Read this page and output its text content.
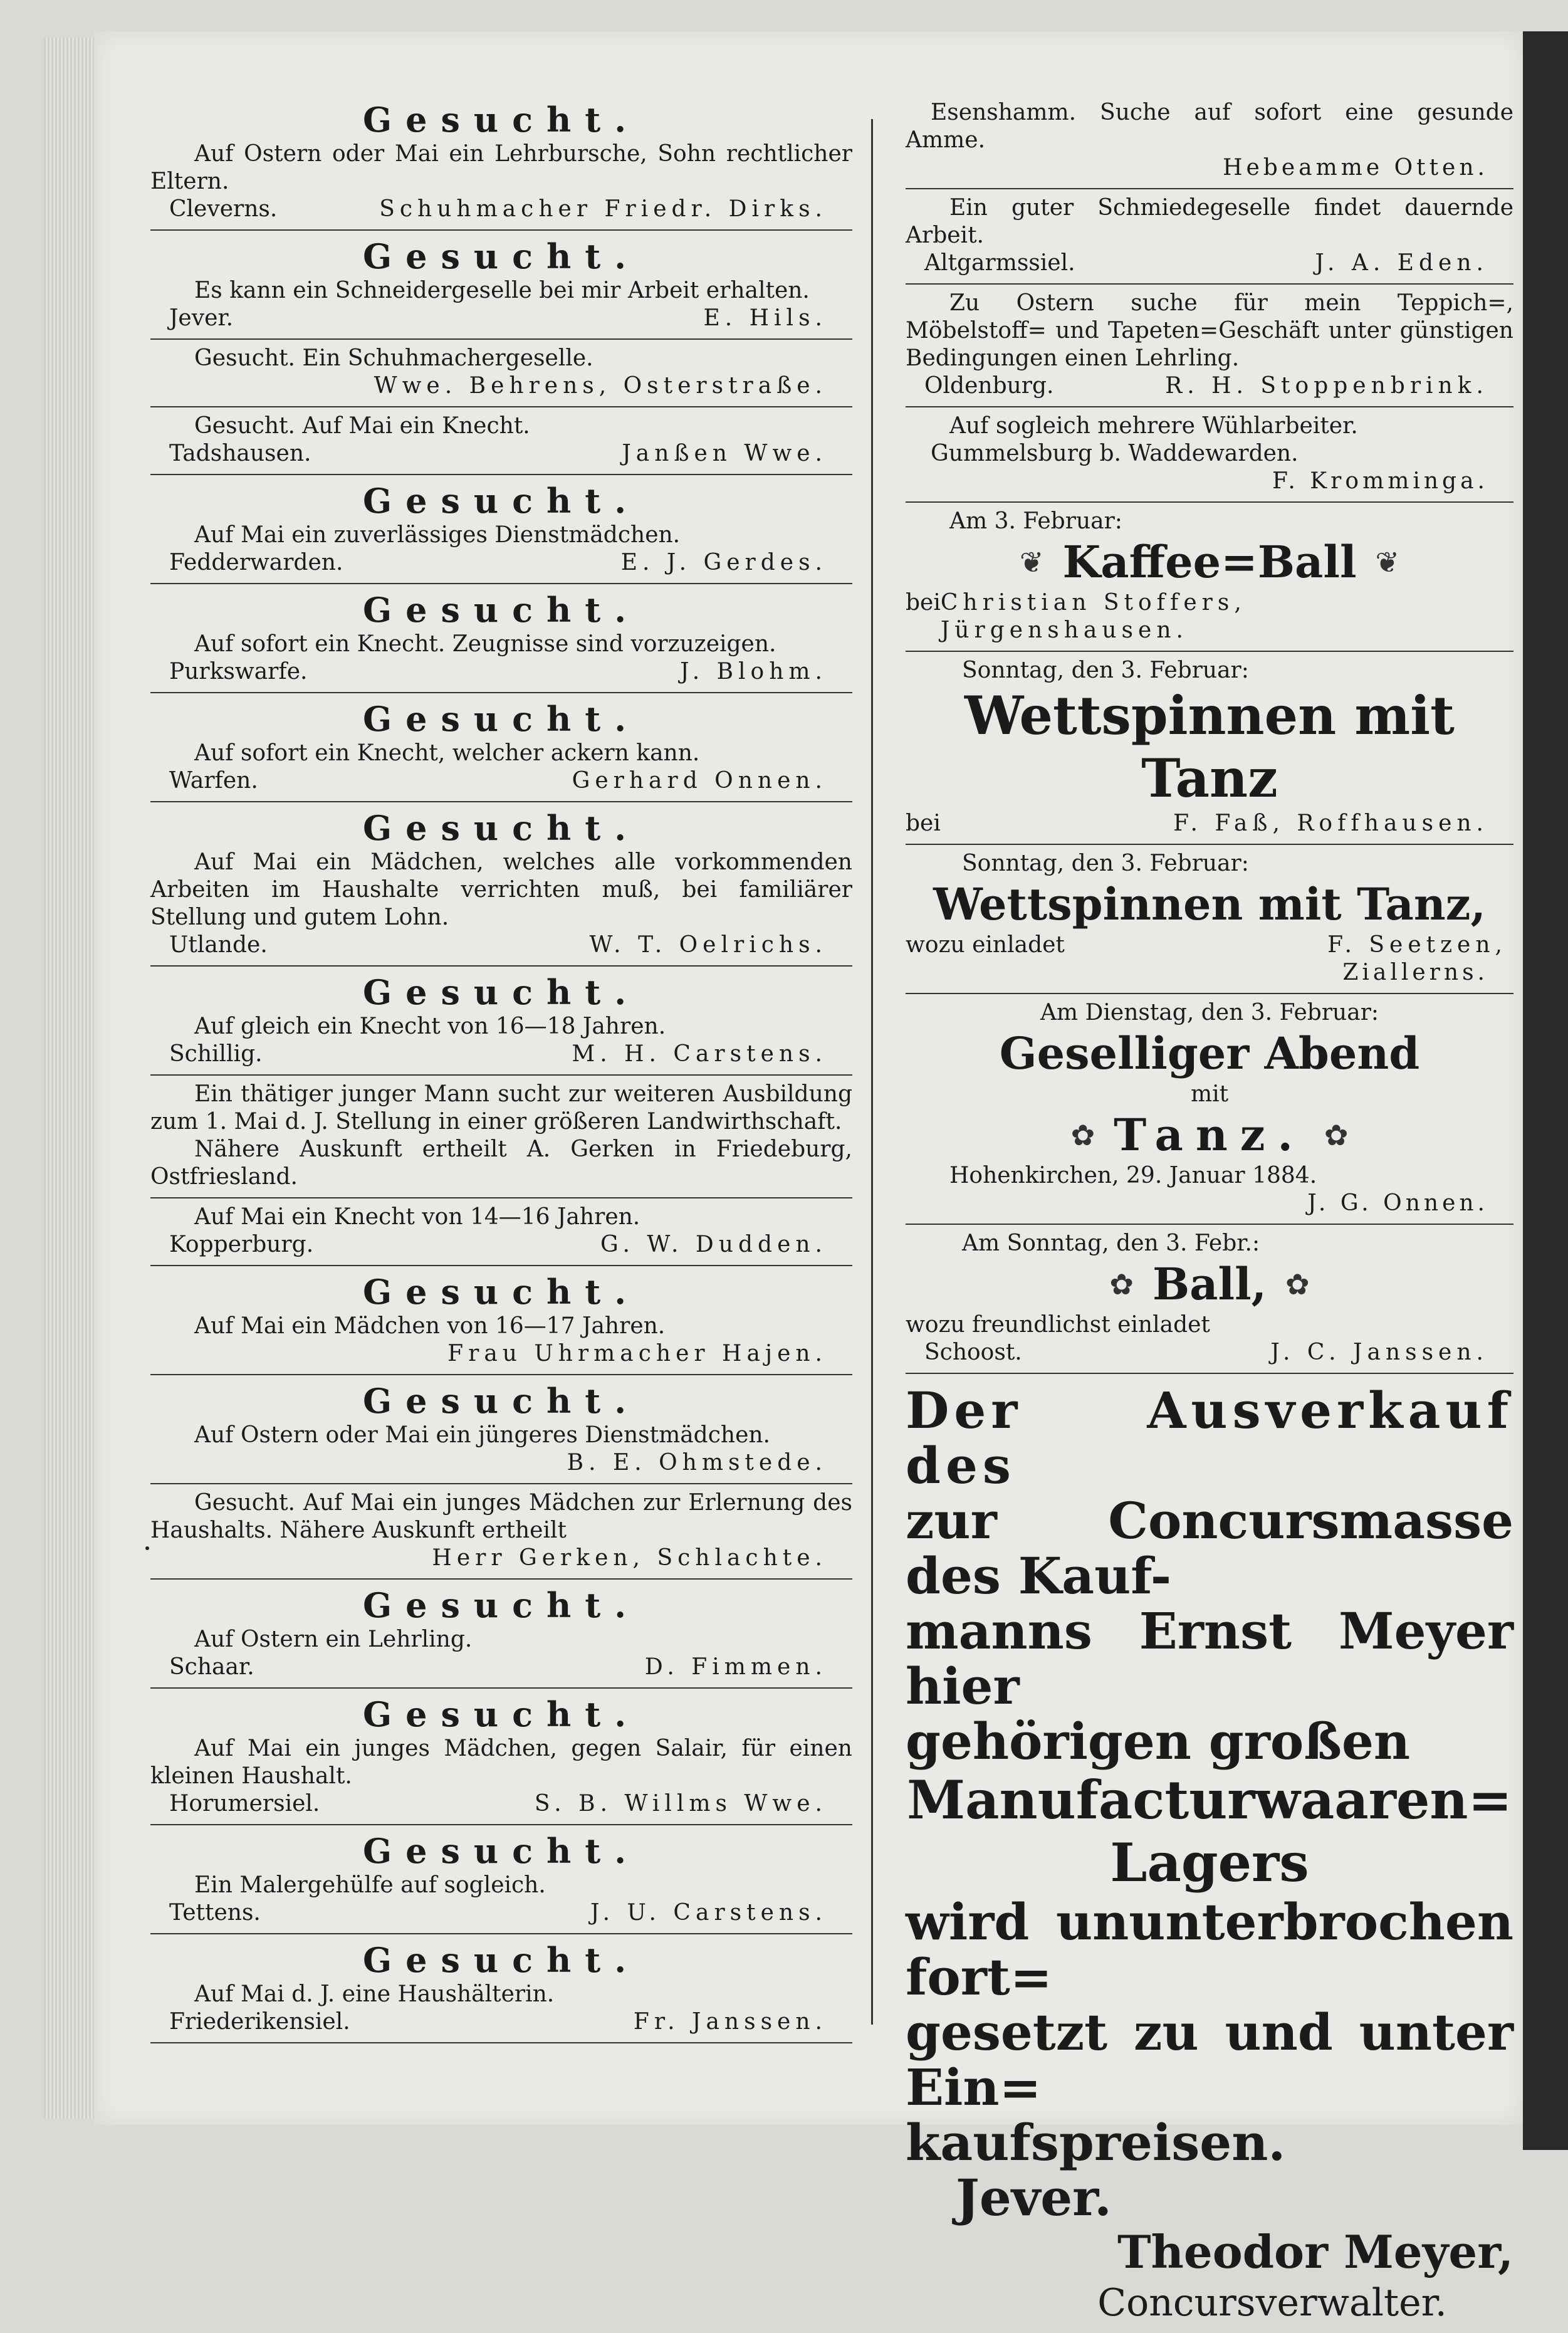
Gesucht.
Auf Ostern oder Mai ein Lehrbursche, Sohn rechtlicher Eltern.
Cleverns.	Schuhmacher Friedr. Dirks.
Gesucht.
Es kann ein Schneidergeselle bei mir Arbeit erhalten.
Jever.	E. Hils.
Gesucht. Ein Schuhmachergeselle.
Wwe. Behrens, Osterstraße.
Gesucht. Auf Mai ein Knecht.
Tadshausen.	Janßen Wwe.
Gesucht.
Auf Mai ein zuverlässiges Dienstmädchen.
Fedderwarden.	E. J. Gerdes.
Gesucht.
Auf sofort ein Knecht. Zeugnisse sind vorzuzeigen.
Purkswarfe.	J. Blohm.
Gesucht.
Auf sofort ein Knecht, welcher ackern kann.
Warfen.	Gerhard Onnen.
Gesucht.
Auf Mai ein Mädchen, welches alle vorkommenden Arbeiten im Haushalte verrichten muß, bei familiärer Stellung und gutem Lohn.
Utlande.	W. T. Oelrichs.
Gesucht.
Auf gleich ein Knecht von 16—18 Jahren.
Schillig.	M. H. Carstens.
Ein thätiger junger Mann sucht zur weiteren Ausbildung zum 1. Mai d. J. Stellung in einer größeren Landwirthschaft.
Nähere Auskunft ertheilt A. Gerken in Friedeburg, Ostfriesland.
Auf Mai ein Knecht von 14—16 Jahren.
Kopperburg.	G. W. Dudden.
Gesucht.
Auf Mai ein Mädchen von 16—17 Jahren.
Frau Uhrmacher Hajen.
Gesucht.
Auf Ostern oder Mai ein jüngeres Dienstmädchen.
B. E. Ohmstede.
Gesucht. Auf Mai ein junges Mädchen zur Erlernung des Haushalts. Nähere Auskunft ertheilt
Herr Gerken, Schlachte.
Gesucht.
Auf Ostern ein Lehrling.
Schaar.	D. Fimmen.
Gesucht.
Auf Mai ein junges Mädchen, gegen Salair, für einen kleinen Haushalt.
Horumersiel.	S. B. Willms Wwe.
Gesucht.
Ein Malergehülfe auf sogleich.
Tettens.	J. U. Carstens.
Gesucht.
Auf Mai d. J. eine Haushälterin.
Friederikensiel.	Fr. Janssen.
Esenshamm. Suche auf sofort eine gesunde Amme.
Hebeamme Otten.
Ein guter Schmiedegeselle findet dauernde Arbeit.
Altgarmssiel.	J. A. Eden.
Zu Ostern suche für mein Teppich=, Möbelstoff= und Tapeten=Geschäft unter günstigen Bedingungen einen Lehrling.
Oldenburg.	R. H. Stoppenbrink.
Auf sogleich mehrere Wühlarbeiter.
Gummelsburg b. Waddewarden.
F. Kromminga.
Am 3. Februar:
❦ Kaffee=Ball ❦
bei Christian Stoffers, Jürgenshausen.
Sonntag, den 3. Februar:
Wettspinnen mit Tanz
bei	F. Faß, Roffhausen.
Sonntag, den 3. Februar:
Wettspinnen mit Tanz,
wozu einladet	F. Seetzen,
Ziallerns.
Am Dienstag, den 3. Februar:
Geselliger Abend
mit
✿ Tanz. ✿
Hohenkirchen, 29. Januar 1884.
J. G. Onnen.
Am Sonntag, den 3. Febr.:
✿ Ball, ✿
wozu freundlichst einladet
Schoost.	J. C. Janssen.
Der Ausverkauf des
zur Concursmasse des Kauf-
manns Ernst Meyer hier
gehörigen großen
Manufacturwaaren=
Lagers
wird ununterbrochen fort=
gesetzt zu und unter Ein=
kaufspreisen.
Jever.
Theodor Meyer,
Concursverwalter.
